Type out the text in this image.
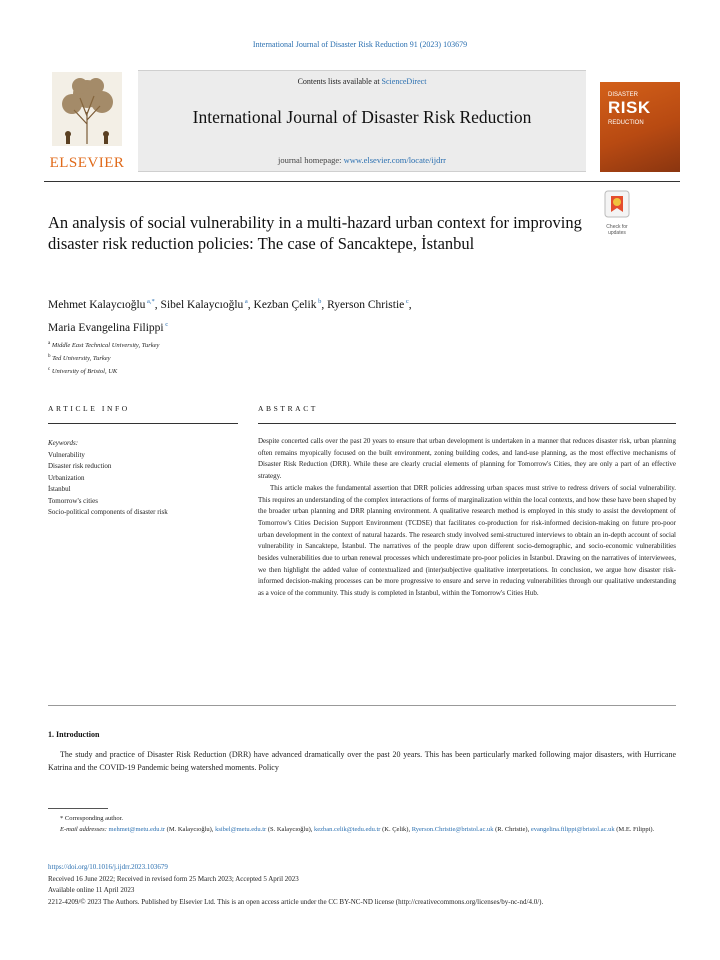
International Journal of Disaster Risk Reduction 91 (2023) 103679
ELSEVIER
Contents lists available at ScienceDirect
International Journal of Disaster Risk Reduction
journal homepage: www.elsevier.com/locate/ijdrr
DISASTER
RISK
REDUCTION
An analysis of social vulnerability in a multi-hazard urban context for improving disaster risk reduction policies: The case of Sancaktepe, İstanbul
Check for updates
Mehmet Kalaycıoğlu $^{a,*}$, Sibel Kalaycıoğlu $^a$, Kezban Çelik $^b$, Ryerson Christie $^c$,
Maria Evangelina Filippi $^c$
$^a$ Middle East Technical University, Turkey
$^b$ Ted University, Turkey
$^c$ University of Bristol, UK
ARTICLE INFO
Keywords:
Vulnerability
Disaster risk reduction
Urbanization
İstanbul
Tomorrow's cities
Socio-political components of disaster risk
ABSTRACT

Despite concerted calls over the past 20 years to ensure that urban development is undertaken in a manner that reduces disaster risk, urban planning often remains myopically focused on the built environment, zoning building codes, and land-use planning, as the most effective mechanisms of Disaster Risk Reduction (DRR). While these are clearly crucial elements of planning for Tomorrow's Cities, they are only a part of an effective strategy.

This article makes the fundamental assertion that DRR policies addressing urban spaces must strive to redress drivers of social vulnerability. This requires an understanding of the complex interactions of forms of marginalization within the local contexts, and how these have been shaped by the broader urban planning and DRR planning environment. A qualitative research method is employed in this study to assist the development of Tomorrow's Cities Decision Support Environment (TCDSE) that facilitates co-production for risk-informed decision-making on future pro-poor urban development in the context of natural hazards. The research study involved semi-structured interviews to obtain an in-depth account of social vulnerability in Sancaktepe, İstanbul. The narratives of the people draw upon different socio-demographic, and socio-economic vulnerabilities besides vulnerabilities due to urban renewal processes which underestimate pro-poor policies in İstanbul. Drawing on the narratives of interviewees, we then highlight the added value of contextualized and (inter)subjective qualitative interpretations. In conclusion, we argue how disaster risk-informed decision-making processes can be more progressive to ensure and serve in reducing vulnerabilities through our qualitative understanding as a voice of the community. This study is completed in İstanbul, within the Tomorrow's Cities Hub.

1. Introduction
The study and practice of Disaster Risk Reduction (DRR) have advanced dramatically over the past 20 years. This has been particularly marked following major disasters, with Hurricane Katrina and the COVID-19 Pandemic being watershed moments. Policy
* Corresponding author.
E-mail addresses: mehmet@metu.edu.tr (M. Kalaycıoğlu), ksibel@metu.edu.tr (S. Kalaycıoğlu), kezban.celik@tedu.edu.tr (K. Çelik), Ryerson.Christie@bristol.ac.uk (R. Christie), evangelina.filippi@bristol.ac.uk (M.E. Filippi).
https://doi.org/10.1016/j.ijdrr.2023.103679
Received 16 June 2022; Received in revised form 25 March 2023; Accepted 5 April 2023
Available online 11 April 2023
2212-4209/© 2023 The Authors. Published by Elsevier Ltd. This is an open access article under the CC BY-NC-ND license (http://creativecommons.org/licenses/by-nc-nd/4.0/).
